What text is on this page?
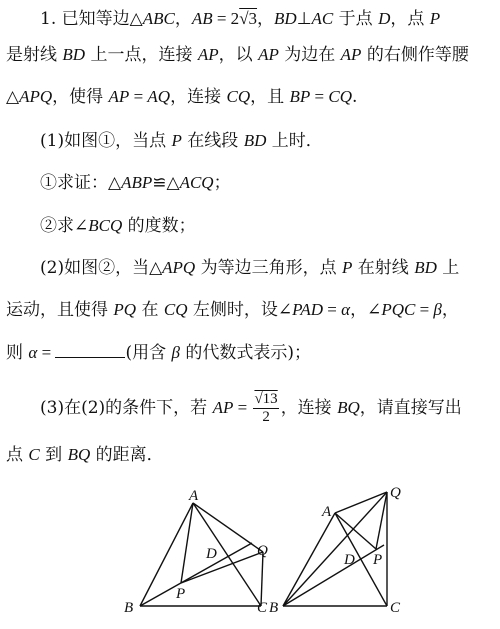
1. 已知等边△ABC，AB = 2√3，BD⊥AC 于点 D，点 P
是射线 BD 上一点，连接 AP，以 AP 为边在 AP 的右侧作等腰
△APQ，使得 AP = AQ，连接 CQ，且 BP = CQ.
(1)如图①，当点 P 在线段 BD 上时．
①求证：△ABP≌△ACQ；
②求∠BCQ 的度数；
(2)如图②，当△APQ 为等边三角形，点 P 在射线 BD 上
运动，且使得 PQ 在 CQ 左侧时，设∠PAD = α，∠PQC = β，
则 α =	(用含 β 的代数式表示)；
(3)在(2)的条件下，若 AP = $\frac{√13}{2}$ ，连接 BQ，请直接写出
点 C 到 BQ 的距离．
A
B	C
D
P
Q
A
B	C
D P
Q
